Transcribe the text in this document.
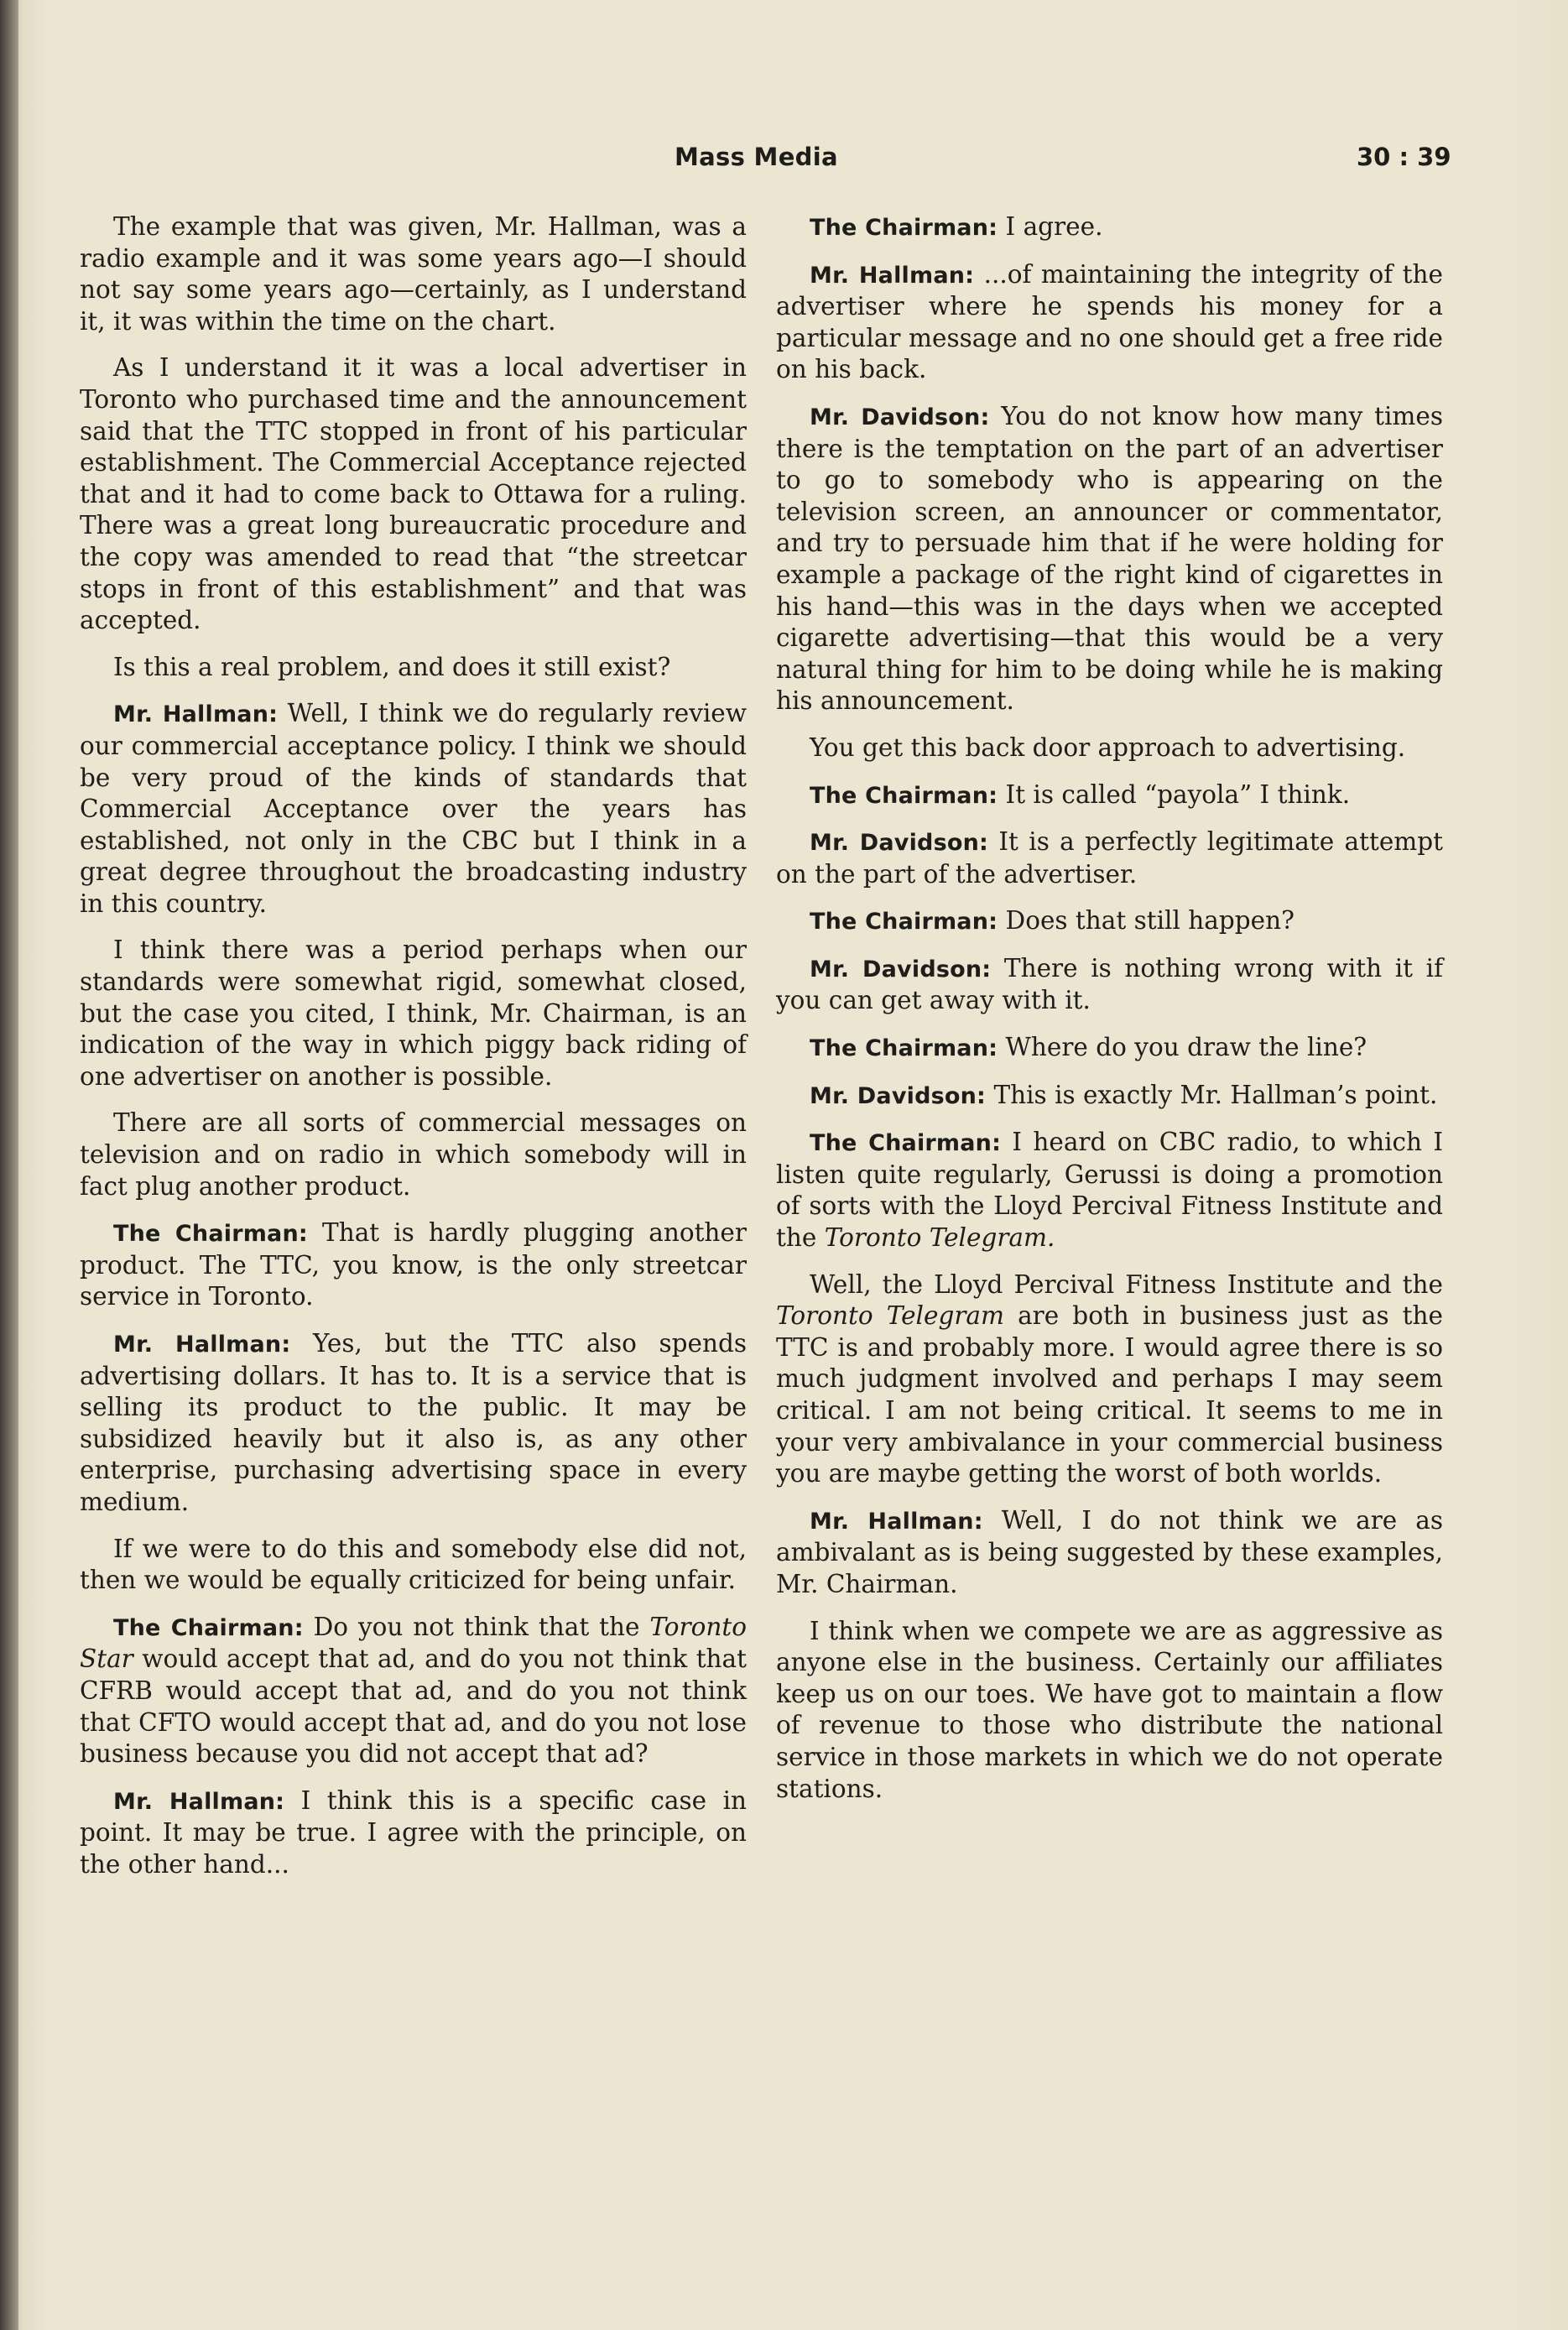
Mass Media	30 : 39

The example that was given, Mr. Hallman, was a radio example and it was some years ago—I should not say some years ago—certainly, as I understand it, it was within the time on the chart.

As I understand it it was a local advertiser in Toronto who purchased time and the announcement said that the TTC stopped in front of his particular establishment. The Commercial Acceptance rejected that and it had to come back to Ottawa for a ruling. There was a great long bureaucratic procedure and the copy was amended to read that “the streetcar stops in front of this establishment” and that was accepted.

Is this a real problem, and does it still exist?

Mr. Hallman: Well, I think we do regularly review our commercial acceptance policy. I think we should be very proud of the kinds of standards that Commercial Acceptance over the years has established, not only in the CBC but I think in a great degree throughout the broadcasting industry in this country.

I think there was a period perhaps when our standards were somewhat rigid, somewhat closed, but the case you cited, I think, Mr. Chairman, is an indication of the way in which piggy back riding of one advertiser on another is possible.

There are all sorts of commercial messages on television and on radio in which somebody will in fact plug another product.

The Chairman: That is hardly plugging another product. The TTC, you know, is the only streetcar service in Toronto.

Mr. Hallman: Yes, but the TTC also spends advertising dollars. It has to. It is a service that is selling its product to the public. It may be subsidized heavily but it also is, as any other enterprise, purchasing advertising space in every medium.

If we were to do this and somebody else did not, then we would be equally criticized for being unfair.

The Chairman: Do you not think that the Toronto Star would accept that ad, and do you not think that CFRB would accept that ad, and do you not think that CFTO would accept that ad, and do you not lose business because you did not accept that ad?

Mr. Hallman: I think this is a specific case in point. It may be true. I agree with the principle, on the other hand...

The Chairman: I agree.

Mr. Hallman: ...of maintaining the integrity of the advertiser where he spends his money for a particular message and no one should get a free ride on his back.

Mr. Davidson: You do not know how many times there is the temptation on the part of an advertiser to go to somebody who is appearing on the television screen, an announcer or commentator, and try to persuade him that if he were holding for example a package of the right kind of cigarettes in his hand—this was in the days when we accepted cigarette advertising—that this would be a very natural thing for him to be doing while he is making his announcement.

You get this back door approach to advertising.

The Chairman: It is called “payola” I think.

Mr. Davidson: It is a perfectly legitimate attempt on the part of the advertiser.

The Chairman: Does that still happen?

Mr. Davidson: There is nothing wrong with it if you can get away with it.

The Chairman: Where do you draw the line?

Mr. Davidson: This is exactly Mr. Hallman’s point.

The Chairman: I heard on CBC radio, to which I listen quite regularly, Gerussi is doing a promotion of sorts with the Lloyd Percival Fitness Institute and the Toronto Telegram.

Well, the Lloyd Percival Fitness Institute and the Toronto Telegram are both in business just as the TTC is and probably more. I would agree there is so much judgment involved and perhaps I may seem critical. I am not being critical. It seems to me in your very ambivalance in your commercial business you are maybe getting the worst of both worlds.

Mr. Hallman: Well, I do not think we are as ambivalant as is being suggested by these examples, Mr. Chairman.

I think when we compete we are as aggressive as anyone else in the business. Certainly our affiliates keep us on our toes. We have got to maintain a flow of revenue to those who distribute the national service in those markets in which we do not operate stations.
